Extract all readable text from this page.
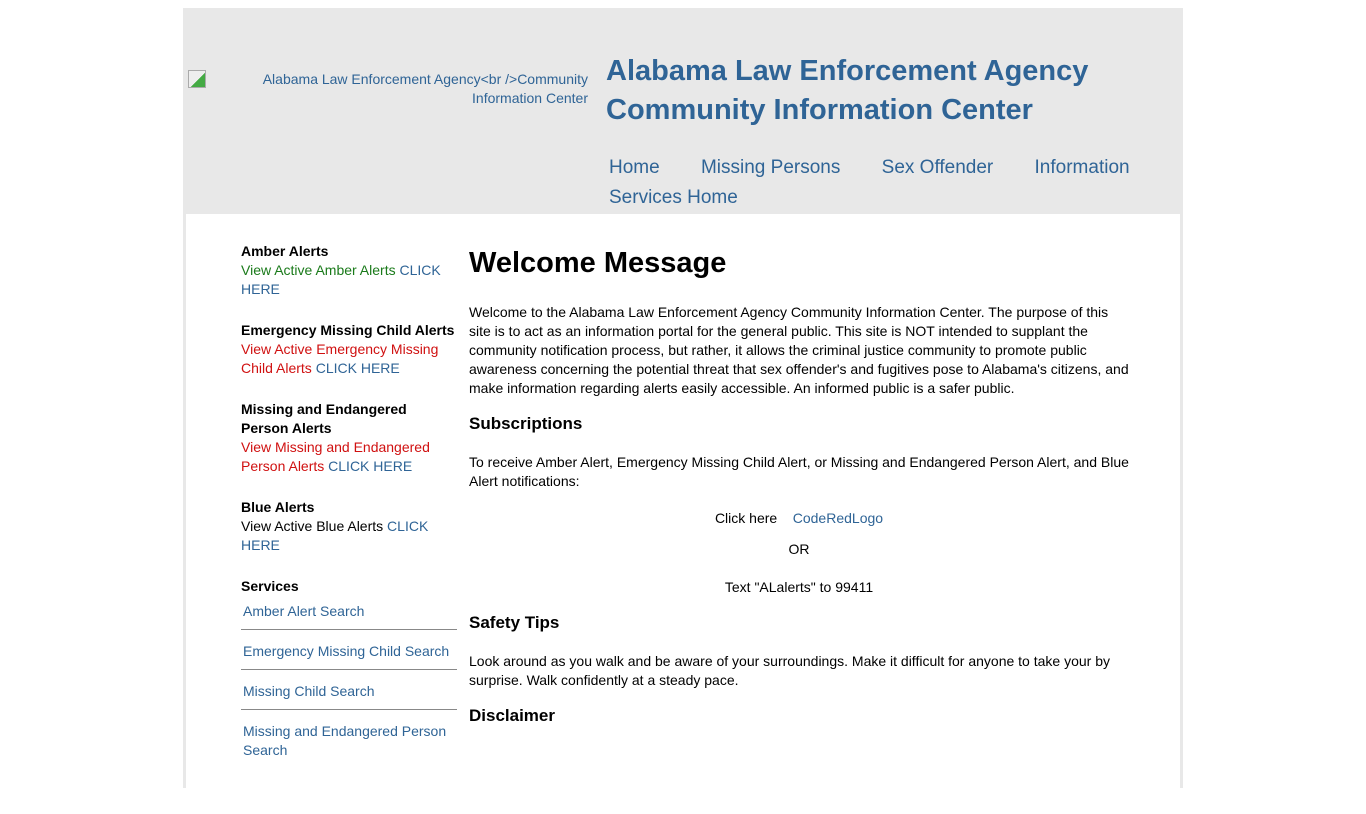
Alabama Law Enforcement Agency<br />Community Information Center
Alabama Law Enforcement Agency
Community Information Center
Home Missing Persons Sex Offender Information Services Home
Amber Alerts
View Active Amber Alerts CLICK HERE
Emergency Missing Child Alerts
View Active Emergency Missing Child Alerts CLICK HERE
Missing and Endangered Person Alerts
View Missing and Endangered Person Alerts CLICK HERE
Blue Alerts
View Active Blue Alerts CLICK HERE
Services
Amber Alert Search
Emergency Missing Child Search
Missing Child Search
Missing and Endangered Person Search
Welcome Message

Welcome to the Alabama Law Enforcement Agency Community Information Center. The purpose of this site is to act as an information portal for the general public. This site is NOT intended to supplant the community notification process, but rather, it allows the criminal justice community to promote public awareness concerning the potential threat that sex offender's and fugitives pose to Alabama's citizens, and make information regarding alerts easily accessible. An informed public is a safer public.

Subscriptions

To receive Amber Alert, Emergency Missing Child Alert, or Missing and Endangered Person Alert, and Blue Alert notifications:

Click here CodeRedLogo
OR
Text "ALalerts" to 99411
Safety Tips

Look around as you walk and be aware of your surroundings. Make it difficult for anyone to take your by surprise. Walk confidently at a steady pace.

Disclaimer
